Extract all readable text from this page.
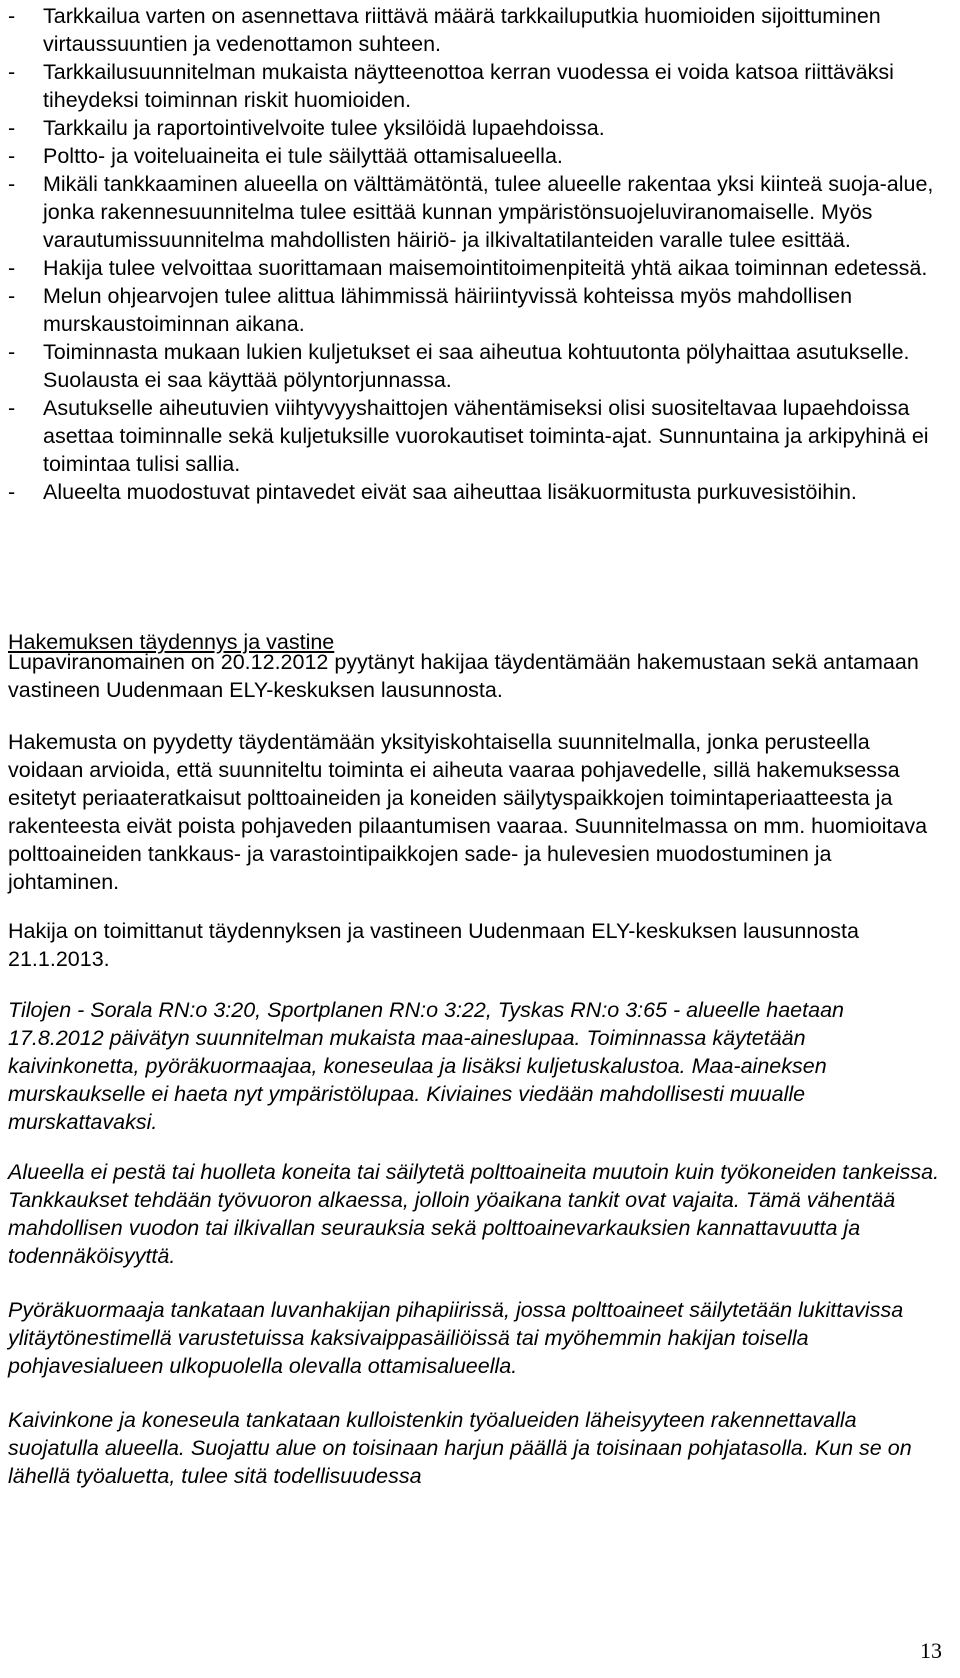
-	Tarkkailua varten on asennettava riittävä määrä tarkkailuputkia huomioiden sijoittuminen virtaussuuntien ja vedenottamon suhteen.
-	Tarkkailusuunnitelman mukaista näytteenottoa kerran vuodessa ei voida katsoa riittäväksi tiheydeksi toiminnan riskit huomioiden.
-	Tarkkailu ja raportointivelvoite tulee yksilöidä lupaehdoissa.
-	Poltto- ja voiteluaineita ei tule säilyttää ottamisalueella.
-	Mikäli tankkaaminen alueella on välttämätöntä, tulee alueelle rakentaa yksi kiinteä suoja-alue, jonka rakennesuunnitelma tulee esittää kunnan ympäristönsuojeluviranomaiselle. Myös varautumissuunnitelma mahdollisten häiriö- ja ilkivaltatilanteiden varalle tulee esittää.
-	Hakija tulee velvoittaa suorittamaan maisemointitoimenpiteitä yhtä aikaa toiminnan edetessä.
-	Melun ohjearvojen tulee alittua lähimmissä häiriintyvissä kohteissa myös mahdollisen murskaustoiminnan aikana.
-	Toiminnasta mukaan lukien kuljetukset ei saa aiheutua kohtuutonta pölyhaittaa asutukselle. Suolausta ei saa käyttää pölyntorjunnassa.
-	Asutukselle aiheutuvien viihtyvyyshaittojen vähentämiseksi olisi suositeltavaa lupaehdoissa asettaa toiminnalle sekä kuljetuksille vuorokautiset toiminta-ajat. Sunnuntaina ja arkipyhinä ei toimintaa tulisi sallia.
-	Alueelta muodostuvat pintavedet eivät saa aiheuttaa lisäkuormitusta purkuvesistöihin.
Hakemuksen täydennys ja vastine

Lupaviranomainen on 20.12.2012 pyytänyt hakijaa täydentämään hakemustaan sekä antamaan vastineen Uudenmaan ELY-keskuksen lausunnosta.

Hakemusta on pyydetty täydentämään yksityiskohtaisella suunnitelmalla, jonka perusteella voidaan arvioida, että suunniteltu toiminta ei aiheuta vaaraa pohjavedelle, sillä hakemuksessa esitetyt periaateratkaisut polttoaineiden ja koneiden säilytyspaikkojen toimintaperiaatteesta ja rakenteesta eivät poista pohjaveden pilaantumisen vaaraa. Suunnitelmassa on mm. huomioitava polttoaineiden tankkaus- ja varastointipaikkojen sade- ja hulevesien muodostuminen ja johtaminen.

Hakija on toimittanut täydennyksen ja vastineen Uudenmaan ELY-keskuksen lausunnosta 21.1.2013.

Tilojen - Sorala RN:o 3:20, Sportplanen RN:o 3:22, Tyskas RN:o 3:65 - alueelle haetaan 17.8.2012 päivätyn suunnitelman mukaista maa-aineslupaa. Toiminnassa käytetään kaivinkonetta, pyöräkuormaajaa, koneseulaa ja lisäksi kuljetuskalustoa. Maa-aineksen murskaukselle ei haeta nyt ympäristölupaa. Kiviaines viedään mahdollisesti muualle murskattavaksi.

Alueella ei pestä tai huolleta koneita tai säilytetä polttoaineita muutoin kuin työkoneiden tankeissa. Tankkaukset tehdään työvuoron alkaessa, jolloin yöaikana tankit ovat vajaita. Tämä vähentää mahdollisen vuodon tai ilkivallan seurauksia sekä polttoainevarkauksien kannattavuutta ja todennäköisyyttä.

Pyöräkuormaaja tankataan luvanhakijan pihapiirissä, jossa polttoaineet säilytetään lukittavissa ylitäytönestimellä varustetuissa kaksivaippasäiliöissä tai myöhemmin hakijan toisella pohjavesialueen ulkopuolella olevalla ottamisalueella.

Kaivinkone ja koneseula tankataan kulloistenkin työalueiden läheisyyteen rakennettavalla suojatulla alueella. Suojattu alue on toisinaan harjun päällä ja toisinaan pohjatasolla. Kun se on lähellä työaluetta, tulee sitä todellisuudessa

13
